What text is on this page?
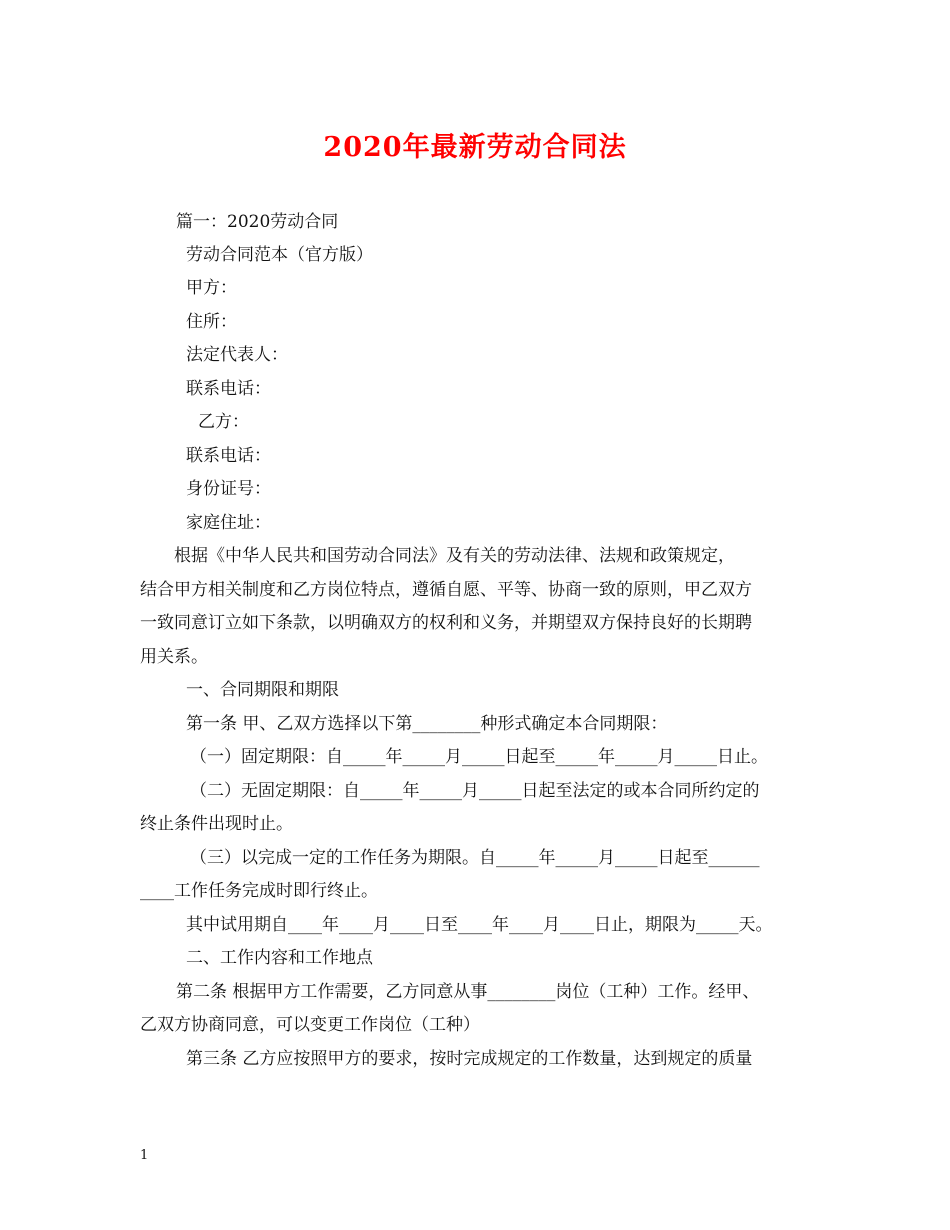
2020年最新劳动合同法
篇一：2020劳动合同
劳动合同范本（官方版）
甲方：
住所：
法定代表人：
联系电话：
乙方：
联系电话：
身份证号：
家庭住址：
根据《中华人民共和国劳动合同法》及有关的劳动法律、法规和政策规定，
结合甲方相关制度和乙方岗位特点，遵循自愿、平等、协商一致的原则，甲乙双方
一致同意订立如下条款，以明确双方的权利和义务，并期望双方保持良好的长期聘
用关系。
一、合同期限和期限
第一条 甲、乙双方选择以下第________种形式确定本合同期限：
（一）固定期限：自_____年_____月_____日起至_____年_____月_____日止。
（二）无固定期限：自_____年_____月_____日起至法定的或本合同所约定的
终止条件出现时止。
（三）以完成一定的工作任务为期限。自_____年_____月_____日起至______
____工作任务完成时即行终止。
其中试用期自____年____月____日至____年____月____日止，期限为_____天。
二、工作内容和工作地点
第二条 根据甲方工作需要，乙方同意从事________岗位（工种）工作。经甲、
乙双方协商同意，可以变更工作岗位（工种）
第三条 乙方应按照甲方的要求，按时完成规定的工作数量，达到规定的质量
1
